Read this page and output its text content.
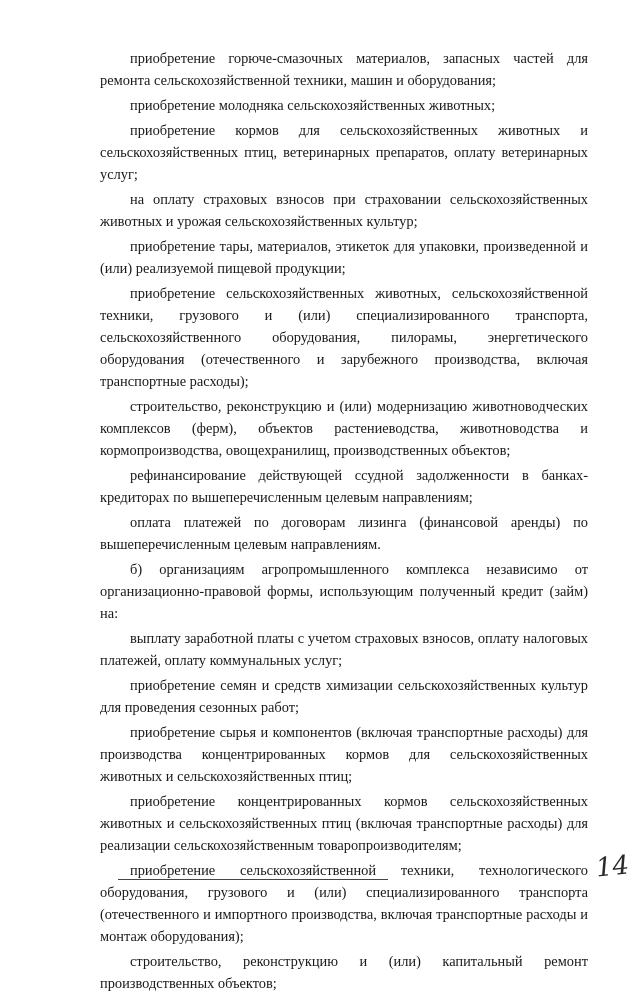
приобретение горюче-смазочных материалов, запасных частей для ремонта сельскохозяйственной техники, машин и оборудования;

приобретение молодняка сельскохозяйственных животных;

приобретение кормов для сельскохозяйственных животных и сельскохозяйственных птиц, ветеринарных препаратов, оплату ветеринарных услуг;

на оплату страховых взносов при страховании сельскохозяйственных животных и урожая сельскохозяйственных культур;

приобретение тары, материалов, этикеток для упаковки, произведенной и (или) реализуемой пищевой продукции;

приобретение сельскохозяйственных животных, сельскохозяйственной техники, грузового и (или) специализированного транспорта, сельскохозяйственного оборудования, пилорамы, энергетического оборудования (отечественного и зарубежного производства, включая транспортные расходы);

строительство, реконструкцию и (или) модернизацию животноводческих комплексов (ферм), объектов растениеводства, животноводства и кормопроизводства, овощехранилищ, производственных объектов;

рефинансирование действующей ссудной задолженности в банках-кредиторах по вышеперечисленным целевым направлениям;

оплата платежей по договорам лизинга (финансовой аренды) по вышеперечисленным целевым направлениям.

б) организациям агропромышленного комплекса независимо от организационно-правовой формы, использующим полученный кредит (займ) на:

выплату заработной платы с учетом страховых взносов, оплату налоговых платежей, оплату коммунальных услуг;

приобретение семян и средств химизации сельскохозяйственных культур для проведения сезонных работ;

приобретение сырья и компонентов (включая транспортные расходы) для производства концентрированных кормов для сельскохозяйственных животных и сельскохозяйственных птиц;

приобретение концентрированных кормов сельскохозяйственных животных и сельскохозяйственных птиц (включая транспортные расходы) для реализации сельскохозяйственным товаропроизводителям;

приобретение сельскохозяйственной техники, технологического оборудования, грузового и (или) специализированного транспорта (отечественного и импортного производства, включая транспортные расходы и монтаж оборудования);

строительство, реконструкцию и (или) капитальный ремонт производственных объектов;

14
